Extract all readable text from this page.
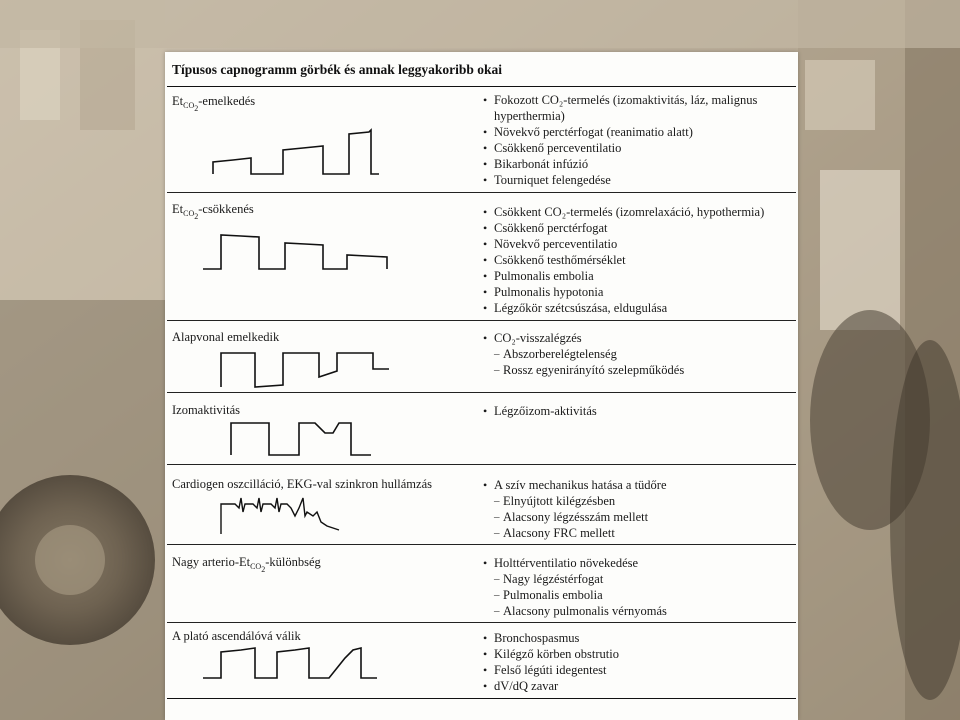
Típusos capnogramm görbék és annak leggyakoribb okai
$Et_{CO_2}$-emelkedés	• Fokozott CO₂-termelés (izomaktivitás, láz, malignus hyperthermia)
• Növekvő perctérfogat (reanimatio alatt)
• Csökkenő perceventilatio
• Bikarbonát infúzió
• Tourniquet felengedése
$Et_{CO_2}$-csökkenés	• Csökkent CO₂-termelés (izomrelaxáció, hypothermia)
• Csökkenő perctérfogat
• Növekvő perceventilatio
• Csökkenő testhőmérséklet
• Pulmonalis embolia
• Pulmonalis hypotonia
• Légzőkör szétcsúszása, eldugulása
Alapvonal emelkedik	• CO₂-visszalégzés
– Abszorberelégtelenség
– Rossz egyenirányító szelepműködés
Izomaktivitás	• Légzőizom-aktivitás
Cardiogen oszcilláció, EKG-val szinkron hullámzás	• A szív mechanikus hatása a tüdőre
– Elnyújtott kilégzésben
– Alacsony légzésszám mellett
– Alacsony FRC mellett
Nagy arterio-$Et_{CO_2}$-különbség	• Holttérventilatio növekedése
– Nagy légzéstérfogat
– Pulmonalis embolia
– Alacsony pulmonalis vérnyomás
A plató ascendálóvá válik	• Bronchospasmus
• Kilégző körben obstrutio
• Felső légúti idegentest
• dV/dQ zavar
